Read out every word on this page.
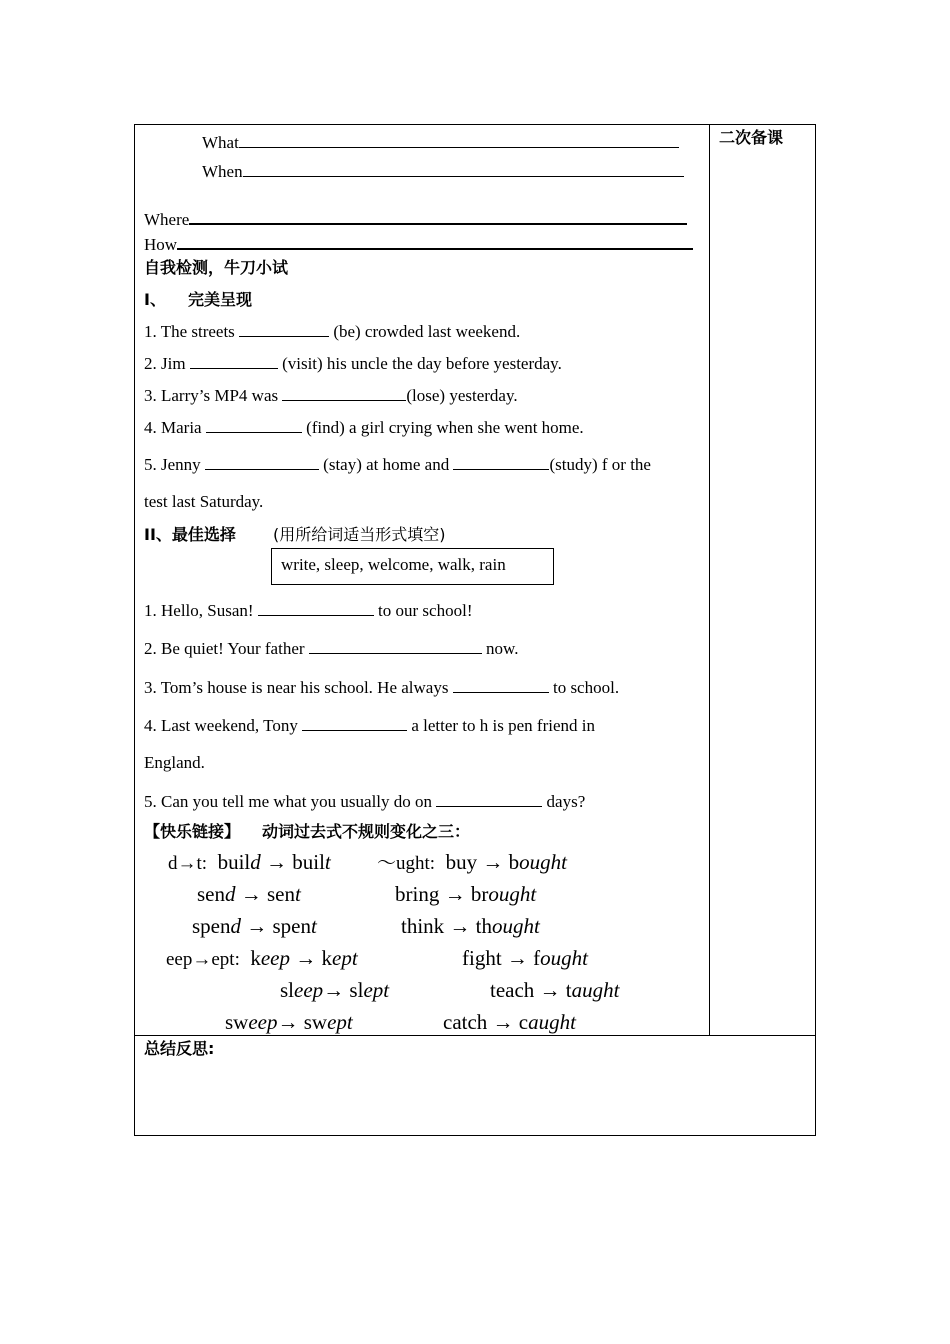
二次备课
总结反思:
What
When
Where
How
自我检测，牛刀小试
I、 完美呈现
1. The streets	(be) crowded last weekend.
2. Jim	(visit) his uncle the day before yesterday.
3. Larry’s MP4 was	(lose) yesterday.
4. Maria	(find) a girl crying when she went home.
5. Jenny	(stay) at home and	(study) f or the
test last Saturday.
II、最佳选择 (用所给词适当形式填空)
write, sleep, welcome, walk, rain
1. Hello, Susan!	to our school!
2. Be quiet! Your father	now.
3. Tom’s house is near his school. He always	to school.
4. Last weekend, Tony	a letter to h is pen friend in
England.
5. Can you tell me what you usually do on	days?
【快乐链接】 动词过去式不规则变化之三：
d→t: build → built ～ught: buy → bought
send → sent	bring → brought
spend → spent	think → thought
eep→ept: keep → kept	fight → fought
sleep→ slept	teach → taught
sweep→ swept	catch → caught
